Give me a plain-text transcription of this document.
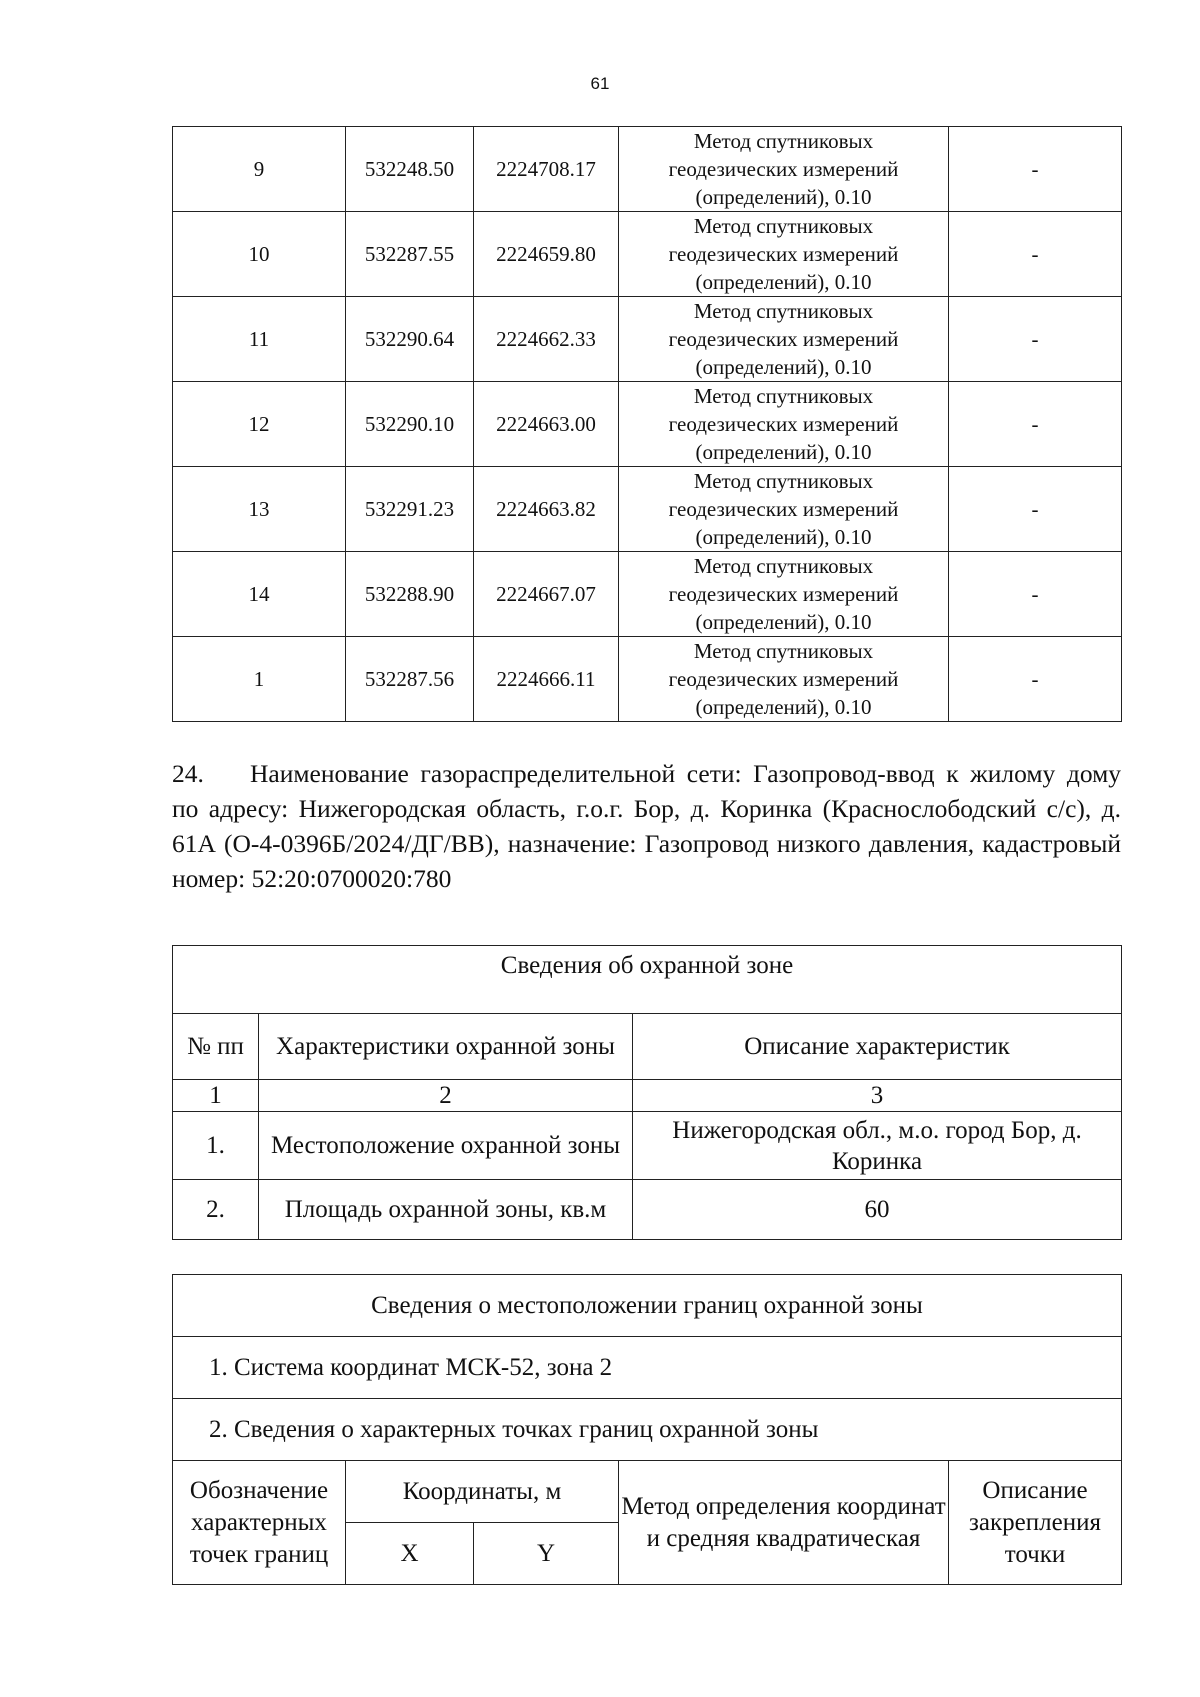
61
9	532248.50	2224708.17	Метод спутниковых
геодезических измерений
(определений), 0.10	-
10	532287.55	2224659.80	Метод спутниковых
геодезических измерений
(определений), 0.10	-
11	532290.64	2224662.33	Метод спутниковых
геодезических измерений
(определений), 0.10	-
12	532290.10	2224663.00	Метод спутниковых
геодезических измерений
(определений), 0.10	-
13	532291.23	2224663.82	Метод спутниковых
геодезических измерений
(определений), 0.10	-
14	532288.90	2224667.07	Метод спутниковых
геодезических измерений
(определений), 0.10	-
1	532287.56	2224666.11	Метод спутниковых
геодезических измерений
(определений), 0.10	-
24. Наименование газораспределительной сети: Газопровод-ввод к жилому дому по адресу: Нижегородская область, г.о.г. Бор, д. Коринка (Краснослободский с/с), д. 61А (О-4-0396Б/2024/ДГ/ВВ), назначение: Газопровод низкого давления, кадастровый номер: 52:20:0700020:780
Сведения об охранной зоне		
№ пп	Характеристики охранной зоны	Описание характеристик
1	2	3
1.	Местоположение охранной зоны	Нижегородская обл., м.о. город Бор, д. Коринка
2.	Площадь охранной зоны, кв.м	60
Сведения о местоположении границ охранной зоны				
1. Система координат МСК-52, зона 2				
2. Сведения о характерных точках границ охранной зоны				
Обозначение характерных точек границ	Координаты, м		Метод определения координат и средняя квадратическая	Описание закрепления точки
	X	Y		
